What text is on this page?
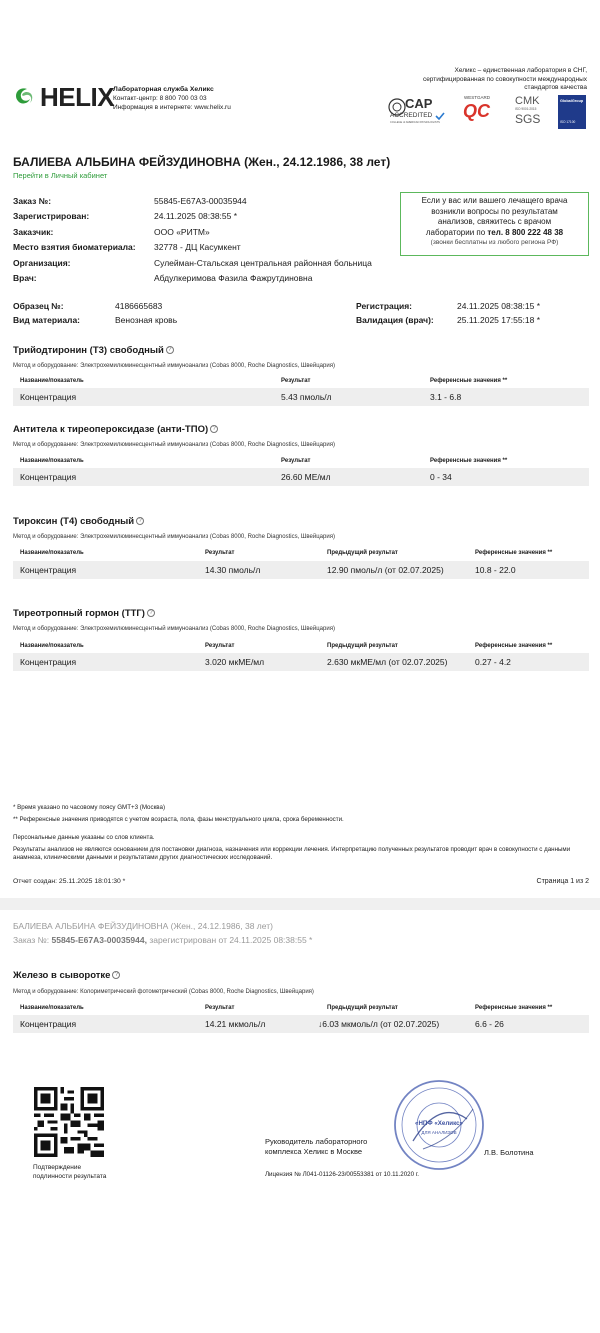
HELIX
Лабораторная служба Хеликс
Контакт-центр: 8 800 700 03 03
Информация в интернете: www.helix.ru
Хеликс – единственная лаборатория в СНГ,
сертифицированная по совокупности международных
стандартов качества
CAP
ACCREDITED
COLLEGE of AMERICAN PATHOLOGISTS
WESTGARD
QC CMK
ISO 9001:2015
SGS
GlobalGroup
ISO 17100
БАЛИЕВА АЛЬБИНА ФЕЙЗУДИНОВНА (Жен., 24.12.1986, 38 лет)
Перейти в Личный кабинет
Заказ №:	55845-E67A3-00035944
Зарегистрирован:	24.11.2025 08:38:55 *
Заказчик:	ООО «РИТМ»
Место взятия биоматериала:	32778 - ДЦ Касумкент
Организация:	Сулейман-Стальская центральная районная больница
Врач:	Абдулкеримова Фазила Фажрутдиновна
Если у вас или вашего лечащего врача
возникли вопросы по результатам
анализов, свяжитесь с врачом
лаборатории по тел. 8 800 222 48 38
(звонки бесплатны из любого региона РФ)
Образец №:	4186665683
Вид материала:	Венозная кровь
Регистрация:	24.11.2025 08:38:15 *
Валидация (врач):	25.11.2025 17:55:18 *
Трийодтиронин (Т3) свободный ?
Метод и оборудование: Электрохемилюминесцентный иммуноанализ (Cobas 8000, Roche Diagnostics, Швейцария)
Название/показатель	Результат	Референсные значения **
Концентрация	5.43 пмоль/л	3.1 - 6.8
Антитела к тиреопероксидазе (анти-ТПО) ?
Метод и оборудование: Электрохемилюминесцентный иммуноанализ (Cobas 8000, Roche Diagnostics, Швейцария)
Название/показатель	Результат	Референсные значения **
Концентрация	26.60 МЕ/мл	0 - 34
Тироксин (Т4) свободный ?
Метод и оборудование: Электрохемилюминесцентный иммуноанализ (Cobas 8000, Roche Diagnostics, Швейцария)
Название/показатель	Результат	Предыдущий результат	Референсные значения **
Концентрация	14.30 пмоль/л	12.90 пмоль/л (от 02.07.2025)	10.8 - 22.0
Тиреотропный гормон (ТТГ) ?
Метод и оборудование: Электрохемилюминесцентный иммуноанализ (Cobas 8000, Roche Diagnostics, Швейцария)
Название/показатель	Результат	Предыдущий результат	Референсные значения **
Концентрация	3.020 мкМЕ/мл	2.630 мкМЕ/мл (от 02.07.2025)	0.27 - 4.2
* Время указано по часовому поясу GMT+3 (Москва)
** Референсные значения приводятся с учетом возраста, пола, фазы менструального цикла, срока беременности.
Персональные данные указаны со слов клиента.
Результаты анализов не являются основанием для постановки диагноза, назначения или коррекции лечения. Интерпретацию полученных результатов проводит врач в совокупности с данными анамнеза, клиническими данными и результатами других диагностических исследований.
Отчет создан: 25.11.2025 18:01:30 *	Страница 1 из 2
БАЛИЕВА АЛЬБИНА ФЕЙЗУДИНОВНА (Жен., 24.12.1986, 38 лет)
Заказ №: 55845-E67A3-00035944, зарегистрирован от 24.11.2025 08:38:55 *
Железо в сыворотке ?
Метод и оборудование: Колориметрический фотометрический (Cobas 8000, Roche Diagnostics, Швейцария)
Название/показатель	Результат	Предыдущий результат	Референсные значения **
Концентрация	14.21 мкмоль/л	↓6.03 мкмоль/л (от 02.07.2025)	6.6 - 26
Подтверждение
подлинности результата
Руководитель лабораторного
комплекса Хеликс в Москве
Лицензия № Л041-01126-23/00553381 от 10.11.2020 г.
«НПФ «Хеликс»
ДЛЯ АНАЛИЗОВ
Л.В. Болотина
